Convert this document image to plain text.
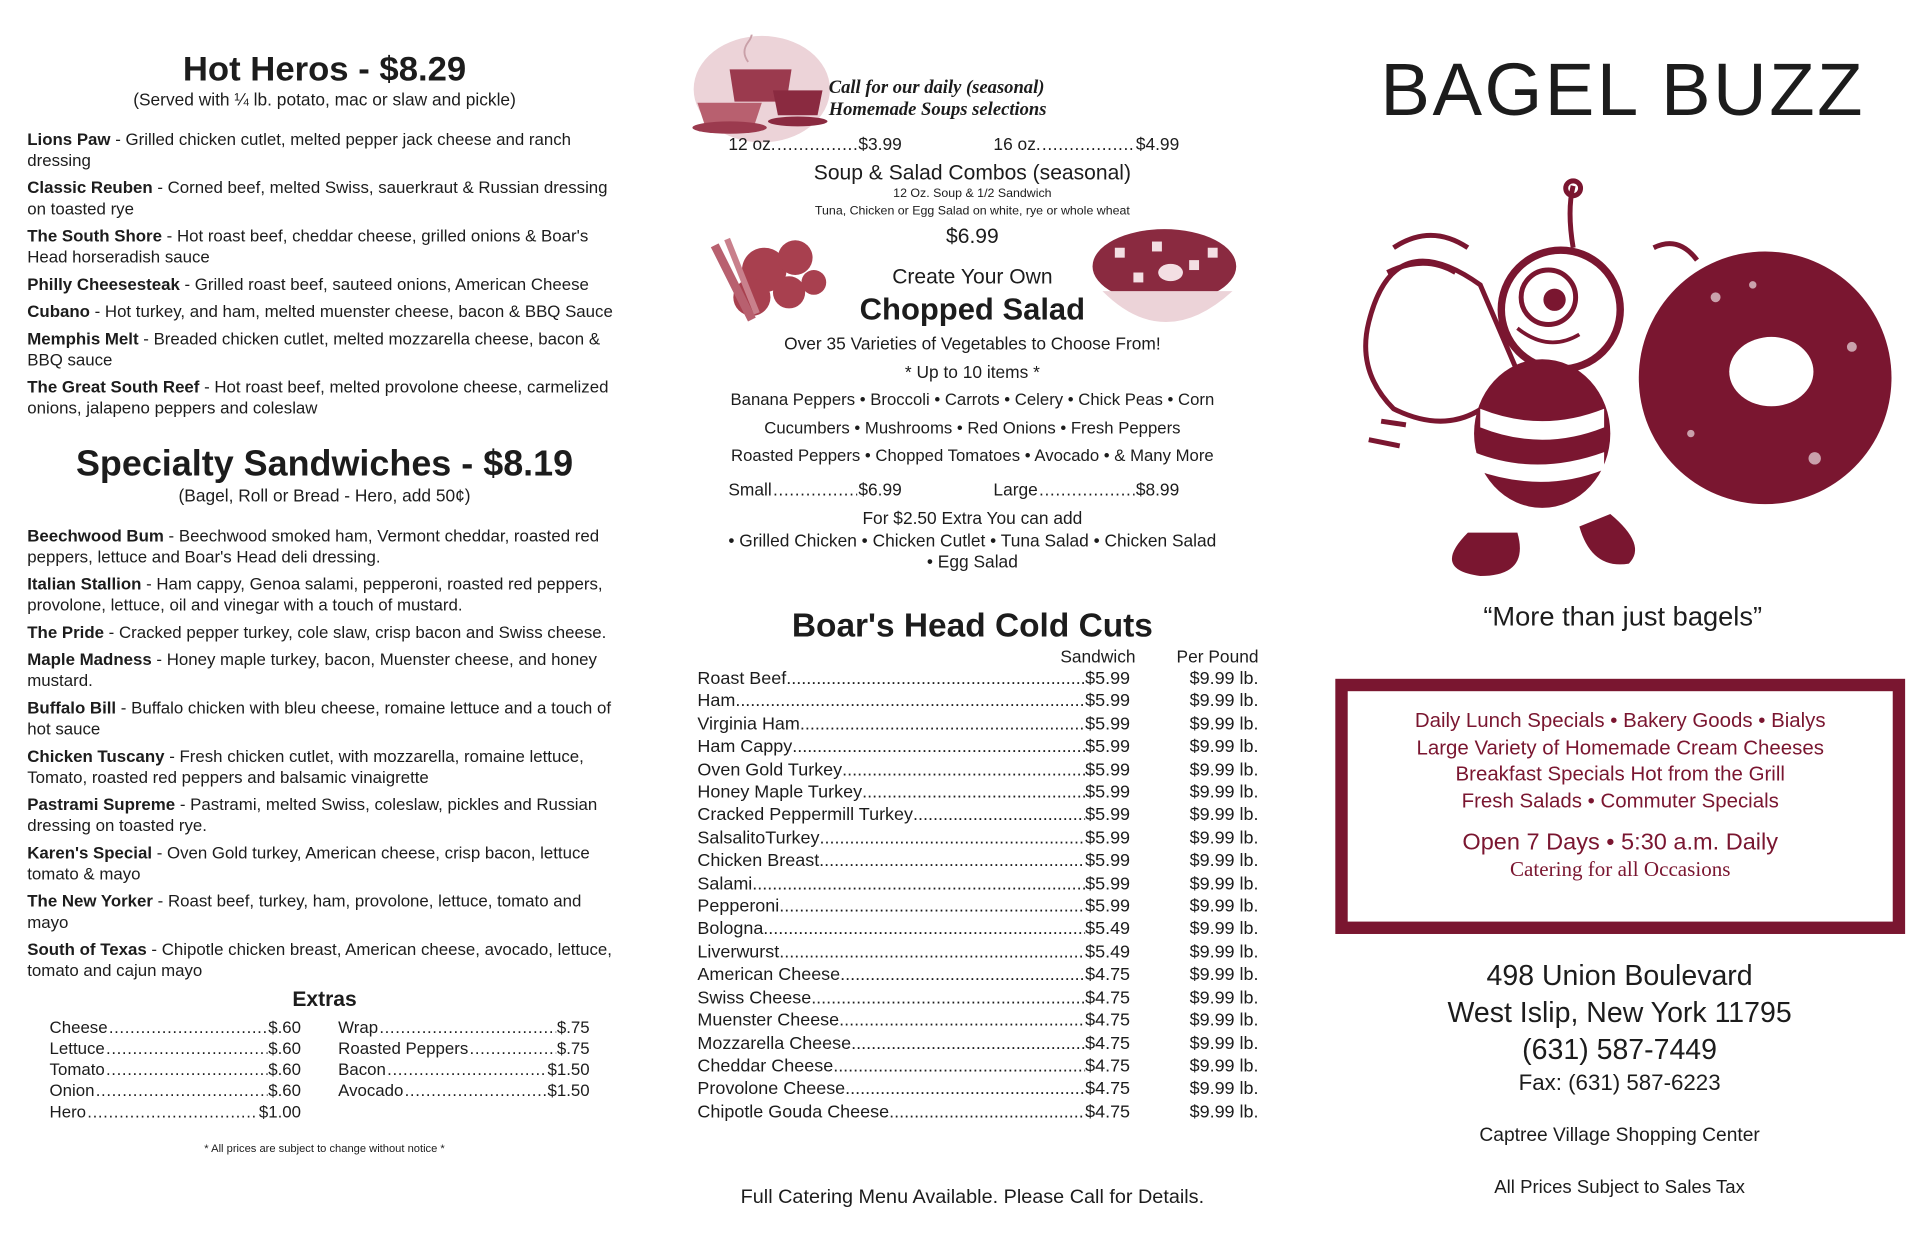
Hot Heros - $8.29
(Served with ¼ lb. potato, mac or slaw and pickle)
Lions Paw - Grilled chicken cutlet, melted pepper jack cheese and ranch dressing
Classic Reuben - Corned beef, melted Swiss, sauerkraut & Russian dressing on toasted rye
The South Shore - Hot roast beef, cheddar cheese, grilled onions & Boar's Head horseradish sauce
Philly Cheesesteak - Grilled roast beef, sauteed onions, American Cheese
Cubano - Hot turkey, and ham, melted muenster cheese, bacon & BBQ Sauce
Memphis Melt - Breaded chicken cutlet, melted mozzarella cheese, bacon & BBQ sauce
The Great South Reef - Hot roast beef, melted provolone cheese, carmelized onions, jalapeno peppers and coleslaw
Specialty Sandwiches - $8.19
(Bagel, Roll or Bread - Hero, add 50¢)
Beechwood Bum - Beechwood smoked ham, Vermont cheddar, roasted red peppers, lettuce and Boar's Head deli dressing.
Italian Stallion - Ham cappy, Genoa salami, pepperoni, roasted red peppers, provolone, lettuce, oil and vinegar with a touch of mustard.
The Pride - Cracked pepper turkey, cole slaw, crisp bacon and Swiss cheese.
Maple Madness - Honey maple turkey, bacon, Muenster cheese, and honey mustard.
Buffalo Bill - Buffalo chicken with bleu cheese, romaine lettuce and a touch of hot sauce
Chicken Tuscany - Fresh chicken cutlet, with mozzarella, romaine lettuce, Tomato, roasted red peppers and balsamic vinaigrette
Pastrami Supreme - Pastrami, melted Swiss, coleslaw, pickles and Russian dressing on toasted rye.
Karen's Special - Oven Gold turkey, American cheese, crisp bacon, lettuce tomato & mayo
The New Yorker - Roast beef, turkey, ham, provolone, lettuce, tomato and mayo
South of Texas - Chipotle chicken breast, American cheese, avocado, lettuce, tomato and cajun mayo
Extras
Cheese .....	$.60
Lettuce .....	$.60
Tomato .....	$.60
Onion .....	$.60
Hero .....	$1.00
Wrap .....	$.75
Roasted Peppers .....	$.75
Bacon .....	$1.50
Avocado .....	$1.50
* All prices are subject to change without notice *
Call for our daily (seasonal)
Homemade Soups selections
12 oz. .....	$3.99	16 oz. .....	$4.99
Soup & Salad Combos (seasonal)
12 Oz. Soup & 1/2 Sandwich
Tuna, Chicken or Egg Salad on white, rye or whole wheat
$6.99
Create Your Own
Chopped Salad
Over 35 Varieties of Vegetables to Choose From!
* Up to 10 items *
Banana Peppers • Broccoli • Carrots • Celery • Chick Peas • Corn
Cucumbers • Mushrooms • Red Onions • Fresh Peppers
Roasted Peppers • Chopped Tomatoes • Avocado • & Many More
Small .....	$6.99	Large .....	$8.99
For $2.50 Extra You can add
• Grilled Chicken • Chicken Cutlet • Tuna Salad • Chicken Salad
• Egg Salad
Boar's Head Cold Cuts
Sandwich	Per Pound
Roast Beef .....	$5.99	$9.99 lb.
Ham .....	$5.99	$9.99 lb.
Virginia Ham .....	$5.99	$9.99 lb.
Ham Cappy .....	$5.99	$9.99 lb.
Oven Gold Turkey .....	$5.99	$9.99 lb.
Honey Maple Turkey .....	$5.99	$9.99 lb.
Cracked Peppermill Turkey .....	$5.99	$9.99 lb.
SalsalitoTurkey .....	$5.99	$9.99 lb.
Chicken Breast .....	$5.99	$9.99 lb.
Salami .....	$5.99	$9.99 lb.
Pepperoni .....	$5.99	$9.99 lb.
Bologna .....	$5.49	$9.99 lb.
Liverwurst .....	$5.49	$9.99 lb.
American Cheese .....	$4.75	$9.99 lb.
Swiss Cheese .....	$4.75	$9.99 lb.
Muenster Cheese .....	$4.75	$9.99 lb.
Mozzarella Cheese .....	$4.75	$9.99 lb.
Cheddar Cheese .....	$4.75	$9.99 lb.
Provolone Cheese .....	$4.75	$9.99 lb.
Chipotle Gouda Cheese .....	$4.75	$9.99 lb.
Full Catering Menu Available. Please Call for Details.
BAGEL BUZZ
“More than just bagels”
Daily Lunch Specials • Bakery Goods • Bialys
Large Variety of Homemade Cream Cheeses
Breakfast Specials Hot from the Grill
Fresh Salads • Commuter Specials
Open 7 Days • 5:30 a.m. Daily
Catering for all Occasions
498 Union Boulevard
West Islip, New York 11795
(631) 587-7449
Fax: (631) 587-6223
Captree Village Shopping Center
All Prices Subject to Sales Tax
